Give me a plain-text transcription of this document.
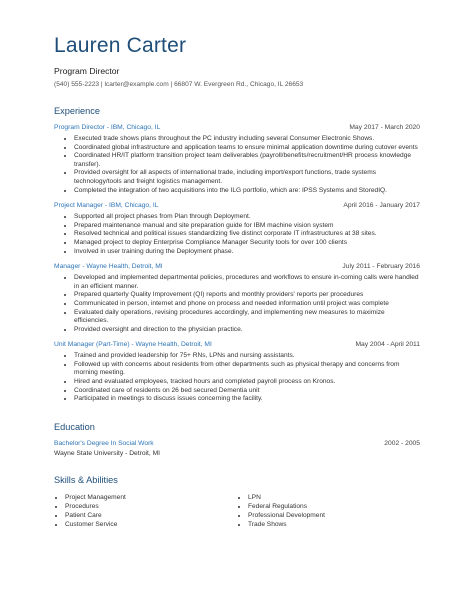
Lauren Carter
Program Director
(540) 555-2223 | lcarter@example.com | 66807 W. Evergreen Rd., Chicago, IL 26653
Experience
Program Director - IBM, Chicago, IL	May 2017 - March 2020
• Executed trade shows plans throughout the PC industry including several Consumer Electronic Shows.
• Coordinated global infrastructure and application teams to ensure minimal application downtime during cutover events
• Coordinated HR/IT platform transition project team deliverables (payroll/benefits/recruitment/HR process knowledge transfer).
• Provided oversight for all aspects of international trade, including import/export functions, trade systems technology/tools and freight logistics management.
• Completed the integration of two acquisitions into the ILG portfolio, which are: IPSS Systems and StoredIQ.
Project Manager - IBM, Chicago, IL	April 2016 - January 2017
• Supported all project phases from Plan through Deployment.
• Prepared maintenance manual and site preparation guide for IBM machine vision system
• Resolved technical and political issues standardizing five distinct corporate IT infrastructures at 38 sites.
• Managed project to deploy Enterprise Compliance Manager Security tools for over 100 clients
• Involved in user training during the Deployment phase.
Manager - Wayne Health, Detroit, MI	July 2011 - February 2016
• Developed and implemented departmental policies, procedures and workflows to ensure in-coming calls were handled in an efficient manner.
• Prepared quarterly Quality Improvement (QI) reports and monthly providers' reports per procedures
• Communicated in person, internet and phone on process and needed information until project was complete
• Evaluated daily operations, revising procedures accordingly, and implementing new measures to maximize efficiencies.
• Provided oversight and direction to the physician practice.
Unit Manager (Part-Time) - Wayne Health, Detroit, MI	May 2004 - April 2011
• Trained and provided leadership for 75+ RNs, LPNs and nursing assistants.
• Followed up with concerns about residents from other departments such as physical therapy and concerns from morning meeting.
• Hired and evaluated employees, tracked hours and completed payroll process on Kronos.
• Coordinated care of residents on 26 bed secured Dementia unit
• Participated in meetings to discuss issues concerning the facility.
Education
Bachelor's Degree In Social Work	2002 - 2005
Wayne State University - Detroit, MI
Skills & Abilities
• Project Management
• Procedures
• Patient Care
• Customer Service
• LPN
• Federal Regulations
• Professional Development
• Trade Shows
